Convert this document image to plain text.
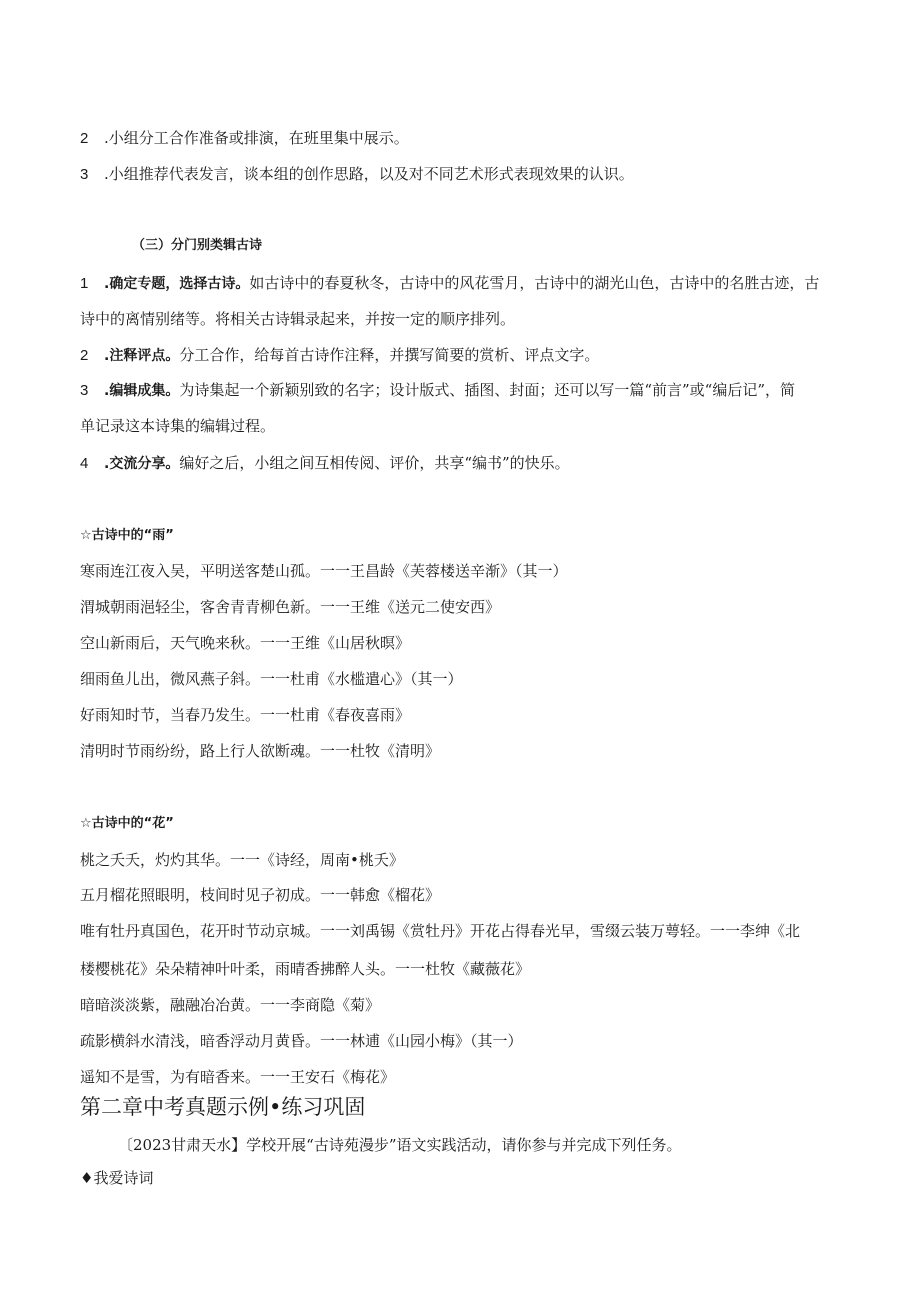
2 .小组分工合作准备或排演，在班里集中展示。
3 .小组推荐代表发言，谈本组的创作思路，以及对不同艺术形式表现效果的认识。
（三）分门别类辑古诗
1 .确定专题，选择古诗。如古诗中的春夏秋冬，古诗中的风花雪月，古诗中的湖光山色，古诗中的名胜古迹，古
诗中的离情别绪等。将相关古诗辑录起来，并按一定的顺序排列。
2 .注释评点。分工合作，给每首古诗作注释，并撰写简要的赏析、评点文字。
3 .编辑成集。为诗集起一个新颖别致的名字；设计版式、插图、封面；还可以写一篇“前言”或“编后记”，简
单记录这本诗集的编辑过程。
4 .交流分享。编好之后，小组之间互相传阅、评价，共享“编书”的快乐。
☆古诗中的“雨”
寒雨连江夜入吴，平明送客楚山孤。一一王昌龄《芙蓉楼送辛渐》（其一）
渭城朝雨浥轻尘，客舍青青柳色新。一一王维《送元二使安西》
空山新雨后，天气晚来秋。一一王维《山居秋暝》
细雨鱼儿出，微风燕子斜。一一杜甫《水槛遣心》（其一）
好雨知时节，当春乃发生。一一杜甫《春夜喜雨》
清明时节雨纷纷，路上行人欲断魂。一一杜牧《清明》
☆古诗中的“花”
桃之夭夭，灼灼其华。一一《诗经，周南•桃夭》
五月榴花照眼明，枝间时见子初成。一一韩愈《榴花》
唯有牡丹真国色，花开时节动京城。一一刘禹锡《赏牡丹》开花占得春光早，雪缀云装万萼轻。一一李绅《北
楼樱桃花》朵朵精神叶叶柔，雨晴香拂醉人头。一一杜牧《藏薇花》
暗暗淡淡紫，融融冶冶黄。一一李商隐《菊》
疏影横斜水清浅，暗香浮动月黄昏。一一林逋《山园小梅》（其一）
遥知不是雪，为有暗香来。一一王安石《梅花》
第二章中考真题示例•练习巩固
〔2023甘肃天水】学校开展“古诗苑漫步”语文实践活动，请你参与并完成下列任务。
♦我爱诗词
